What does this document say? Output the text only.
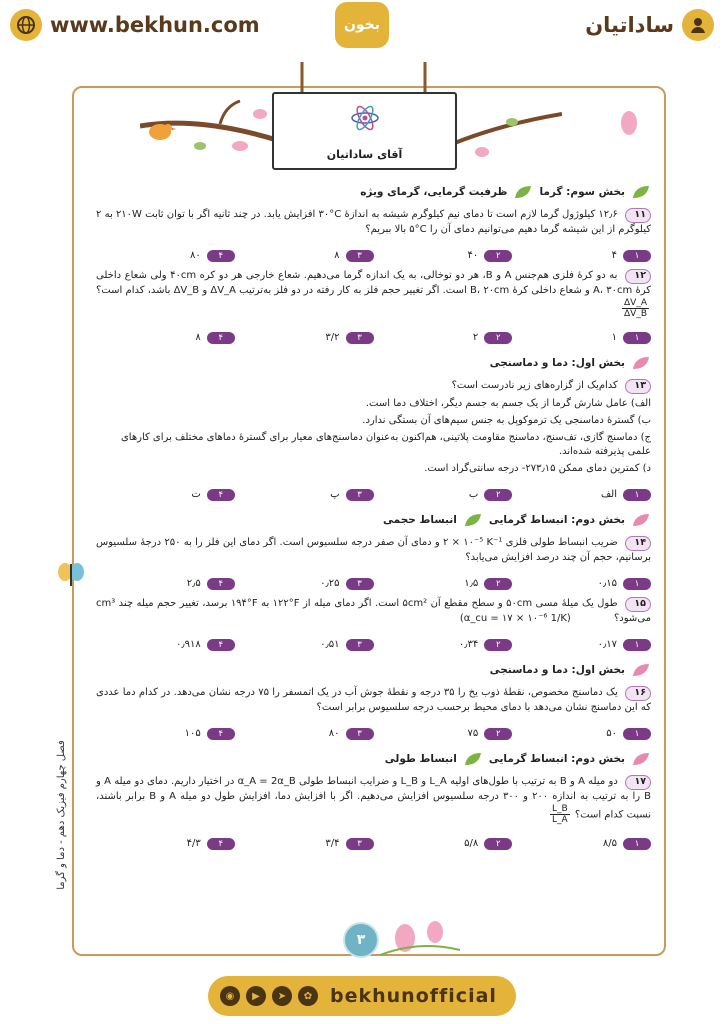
ساداتیان
بخون
www.bekhun.com
آقای ساداتیان
فصل چهارم فیزیک دهم - دما و گرما
بخش سوم: گرما
ظرفیت گرمایی، گرمای ویژه
۱۱ ۱۲٫۶ کیلوژول گرما لازم است تا دمای نیم کیلوگرم شیشه به اندازهٔ ‎۳۰°C‎ افزایش یابد. در چند ثانیه اگر با توان ثابت ‎۲۱۰W‎ به ۲ کیلوگرم از این شیشه گرما دهیم می‌توانیم دمای آن را ‎۵°C‎ بالا ببریم؟
۱
۴
۲
۴۰
۳
۸
۴
۸۰
۱۲ به دو کرهٔ فلزی هم‌جنس A و B، هر دو توخالی، به یک اندازه گرما می‌دهیم. شعاع خارجی هر دو کره ‎۴۰cm‎ ولی شعاع داخلی کرهٔ A، ‎۳۰cm‎ و شعاع داخلی کرهٔ B، ‎۲۰cm‎ است. اگر تغییر حجم فلز به کار رفته در دو فلز به‌ترتیب ‎ΔV_A‎ و ‎ΔV_B‎ باشد، کدام است؟
$\frac{\Delta V\_A}{\Delta V\_B}$
۱
۱
۲
۲
۳
۳/۲
۴
۸
بخش اول: دما و دماسنجی
۱۳ کدام‌یک از گزاره‌های زیر نادرست است؟
الف) عامل شارش گرما از یک جسم به جسم دیگر، اختلاف دما است.
ب) گسترهٔ دماسنجی یک ترموکوپل به جنس سیم‌های آن بستگی ندارد.
ج) دماسنج گازی، تف‌سنج، دماسنج مقاومت پلاتینی، هم‌اکنون به‌عنوان دماسنج‌های معیار برای گسترهٔ دماهای مختلف برای کارهای علمی پذیرفته شده‌اند.
د) کمترین دمای ممکن ۲۷۳٫۱۵- درجه سانتی‌گراد است.
۱
الف
۲
ب
۳
پ
۴
ت
بخش دوم: انبساط گرمایی
انبساط حجمی
۱۴ ضریب انبساط طولی فلزی ‎۲ × ۱۰⁻⁵ K⁻¹‎ و دمای آن صفر درجه سلسیوس است. اگر دمای این فلز را به ۲۵۰ درجهٔ سلسیوس برسانیم، حجم آن چند درصد افزایش می‌یابد؟
۱
۰٫۱۵
۲
۱٫۵
۳
۰٫۲۵
۴
۲٫۵
۱۵ طول یک میلهٔ مسی ‎۵۰cm‎ و سطح مقطع آن ‎۵cm²‎ است. اگر دمای میله از ‎۱۲۲°F‎ به ‎۱۹۴°F‎ برسد، تغییر حجم میله چند ‎cm³‎ می‌شود؟ (α_cu = ۱۷ × ۱۰⁻⁶ 1/K)
۱
۰٫۱۷
۲
۰٫۳۴
۳
۰٫۵۱
۴
۰٫۹۱۸
بخش اول: دما و دماسنجی
۱۶ یک دماسنج مخصوص، نقطهٔ ذوب یخ را ۳۵ درجه و نقطهٔ جوش آب در یک اتمسفر را ۷۵ درجه نشان می‌دهد. در کدام دما عددی که این دماسنج نشان می‌دهد با دمای محیط برحسب درجه سلسیوس برابر است؟
۱
۵۰
۲
۷۵
۳
۸۰
۴
۱۰۵
بخش دوم: انبساط گرمایی
انبساط طولی
۱۷ دو میله A و B به ترتیب با طول‌های اولیه L_A و L_B و ضرایب انبساط طولی α_A = 2α_B در اختیار داریم. دمای دو میله A و B را به ترتیب به اندازه ۲۰۰ و ۳۰۰ درجه سلسیوس افزایش می‌دهیم. اگر با افزایش دما، افزایش طول دو میله A و B برابر باشند، نسبت کدام است؟
$\frac{L\_B}{L\_A}$
۱
۸/۵
۲
۵/۸
۳
۳/۴
۴
۴/۳
۳
◉	▶	➤	✿ bekhunofficial
